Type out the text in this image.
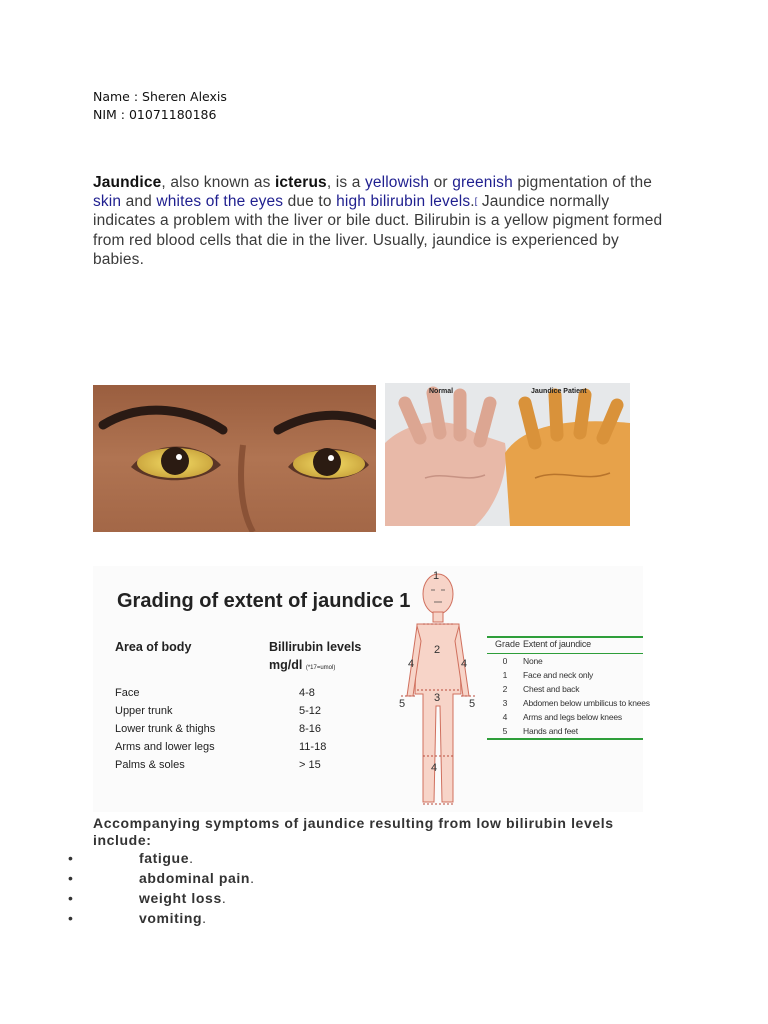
Name : Sheren Alexis
NIM : 01071180186
Jaundice, also known as icterus, is a yellowish or greenish pigmentation of the skin and whites of the eyes due to high bilirubin levels.[ Jaundice normally indicates a problem with the liver or bile duct. Bilirubin is a yellow pigment formed from red blood cells that die in the liver. Usually, jaundice is experienced by babies.
Normal	Jaundice Patient
Grading of extent of jaundice 1
Area of body	Billirubin levels
mg/dl (*17=umol)
Face	4-8
Upper trunk	5-12
Lower trunk & thighs	8-16
Arms and lower legs	11-18
Palms & soles	> 15
1
2
3
4	4
4
5	5
Grade Extent of jaundice
0	None
1	Face and neck only
2	Chest and back
3	Abdomen below umbilicus to knees
4	Arms and legs below knees
5	Hands and feet
Accompanying symptoms of jaundice resulting from low bilirubin levels include:
•	fatigue.
•	abdominal pain.
•	weight loss.
•	vomiting.
